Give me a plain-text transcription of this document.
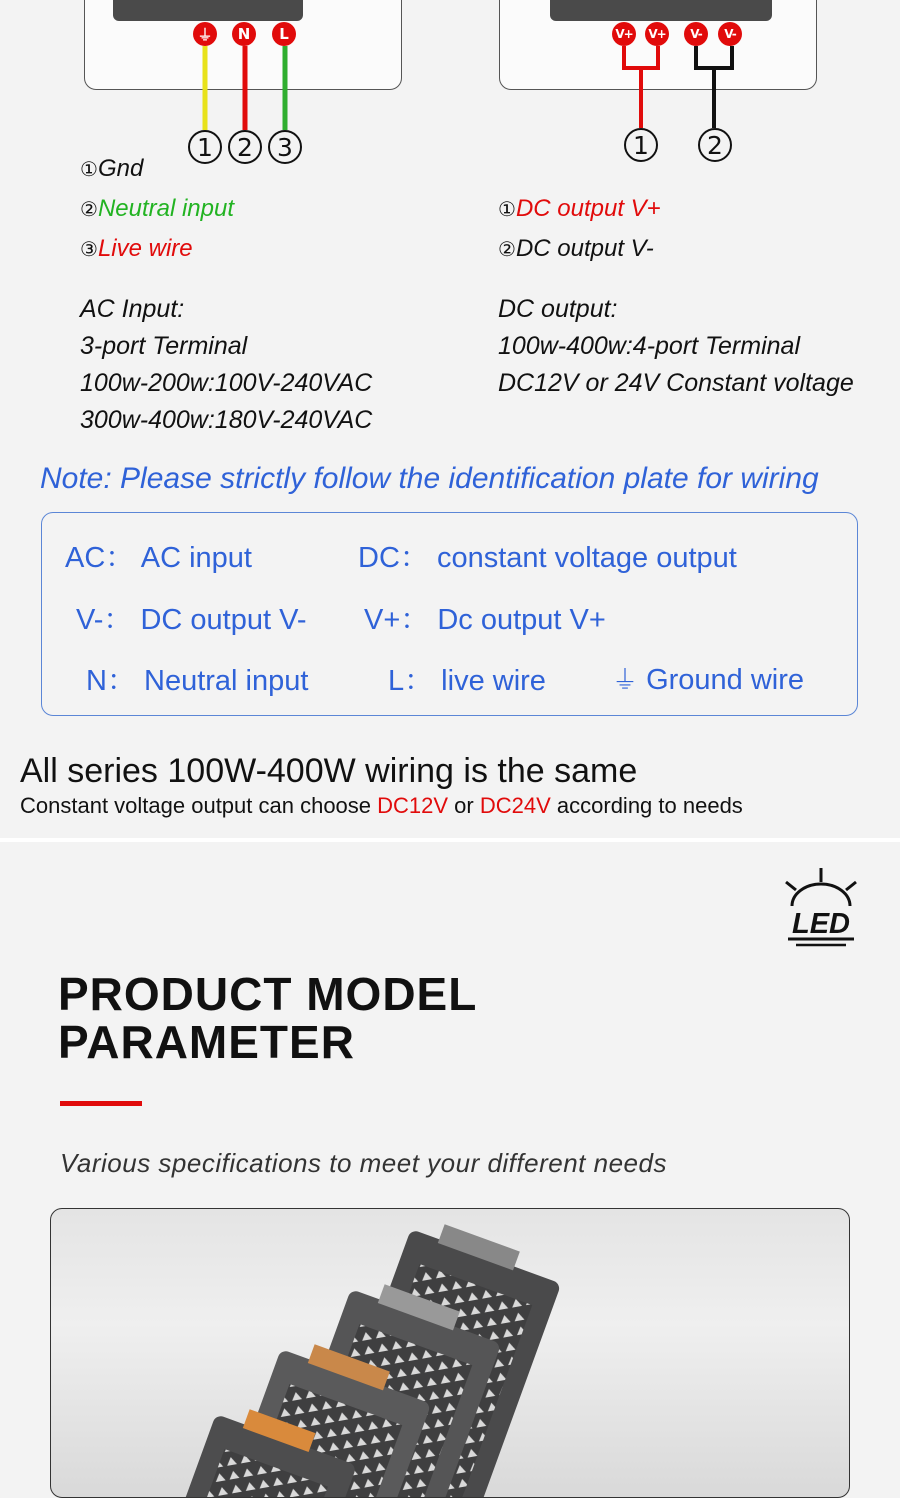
⏚	N	L
1 2 3
V+ V+	V-	V-
1	2
①Gnd
②Neutral input
③Live wire
①DC output V+
②DC output V-
AC Input:
3-port Terminal
100w-200w:100V-240VAC
300w-400w:180V-240VAC
DC output:
100w-400w:4-port Terminal
DC12V or 24V Constant voltage
Note: Please strictly follow the identification plate for wiring
AC： AC input	DC： constant voltage output
V-： DC output V- V+： Dc output V+
N： Neutral input	L： live wire	⏚ Ground wire
All series 100W-400W wiring is the same
Constant voltage output can choose DC12V or DC24V according to needs
LED
PRODUCT MODEL
PARAMETER
Various specifications to meet your different needs
